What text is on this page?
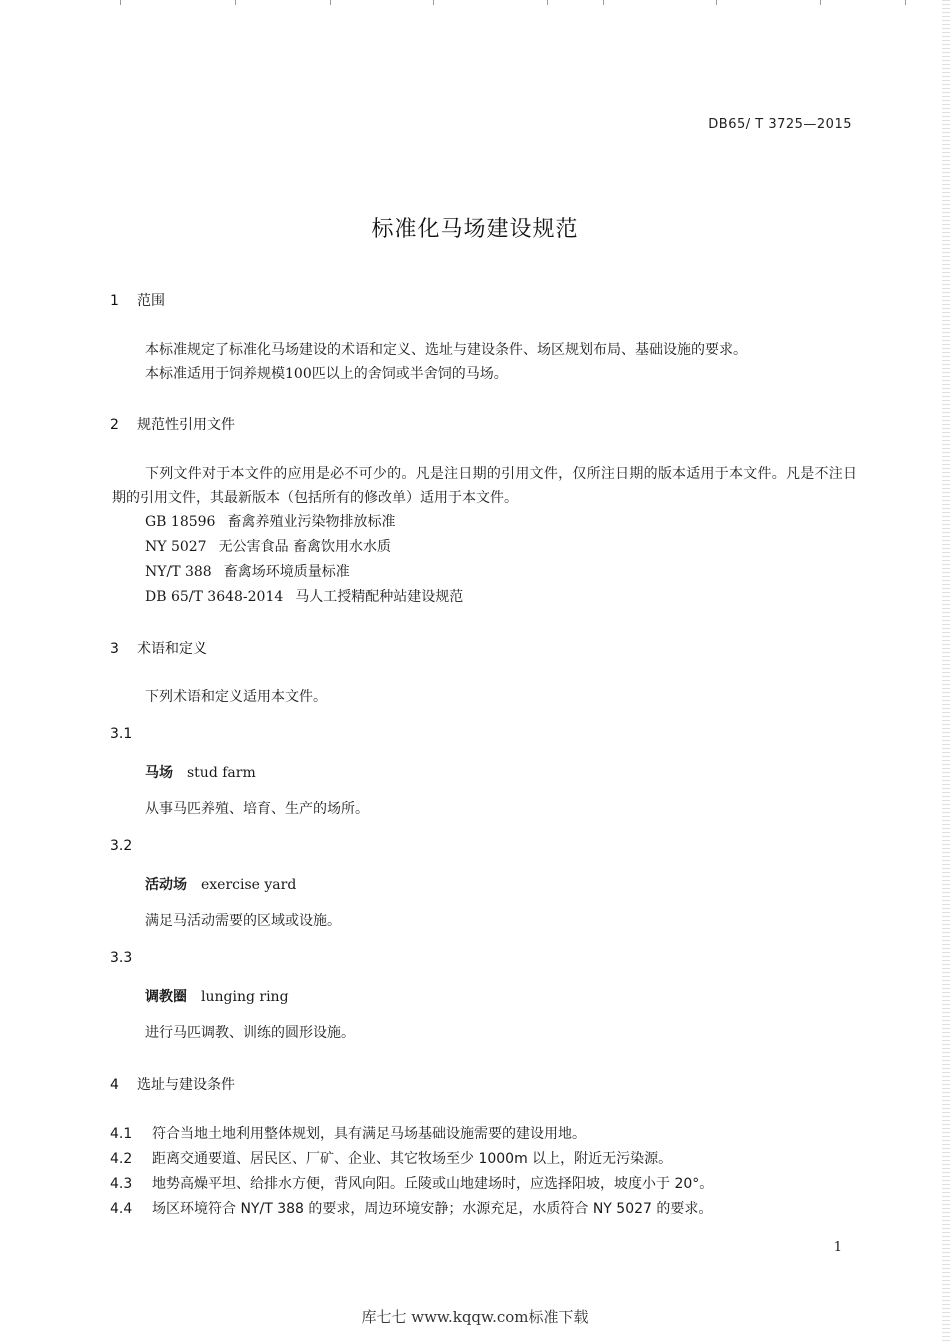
DB65/ T 3725—2015
标准化马场建设规范
1 范围
本标准规定了标准化马场建设的术语和定义、选址与建设条件、场区规划布局、基础设施的要求。
本标准适用于饲养规模100匹以上的舍饲或半舍饲的马场。
2 规范性引用文件
下列文件对于本文件的应用是必不可少的。凡是注日期的引用文件，仅所注日期的版本适用于本文件。凡是不注日期的引用文件，其最新版本（包括所有的修改单）适用于本文件。
GB 18596 畜禽养殖业污染物排放标准
NY 5027 无公害食品 畜禽饮用水水质
NY/T 388 畜禽场环境质量标准
DB 65/T 3648-2014 马人工授精配种站建设规范
3 术语和定义
下列术语和定义适用本文件。
3.1
马场 stud farm
从事马匹养殖、培育、生产的场所。
3.2
活动场 exercise yard
满足马活动需要的区域或设施。
3.3
调教圈 lunging ring
进行马匹调教、训练的圆形设施。
4 选址与建设条件
4.1 符合当地土地利用整体规划，具有满足马场基础设施需要的建设用地。
4.2 距离交通要道、居民区、厂矿、企业、其它牧场至少 1000m 以上，附近无污染源。
4.3 地势高燥平坦、给排水方便，背风向阳。丘陵或山地建场时，应选择阳坡，坡度小于 20°。
4.4 场区环境符合 NY/T 388 的要求，周边环境安静；水源充足，水质符合 NY 5027 的要求。
1
库七七 www.kqqw.com标准下载
